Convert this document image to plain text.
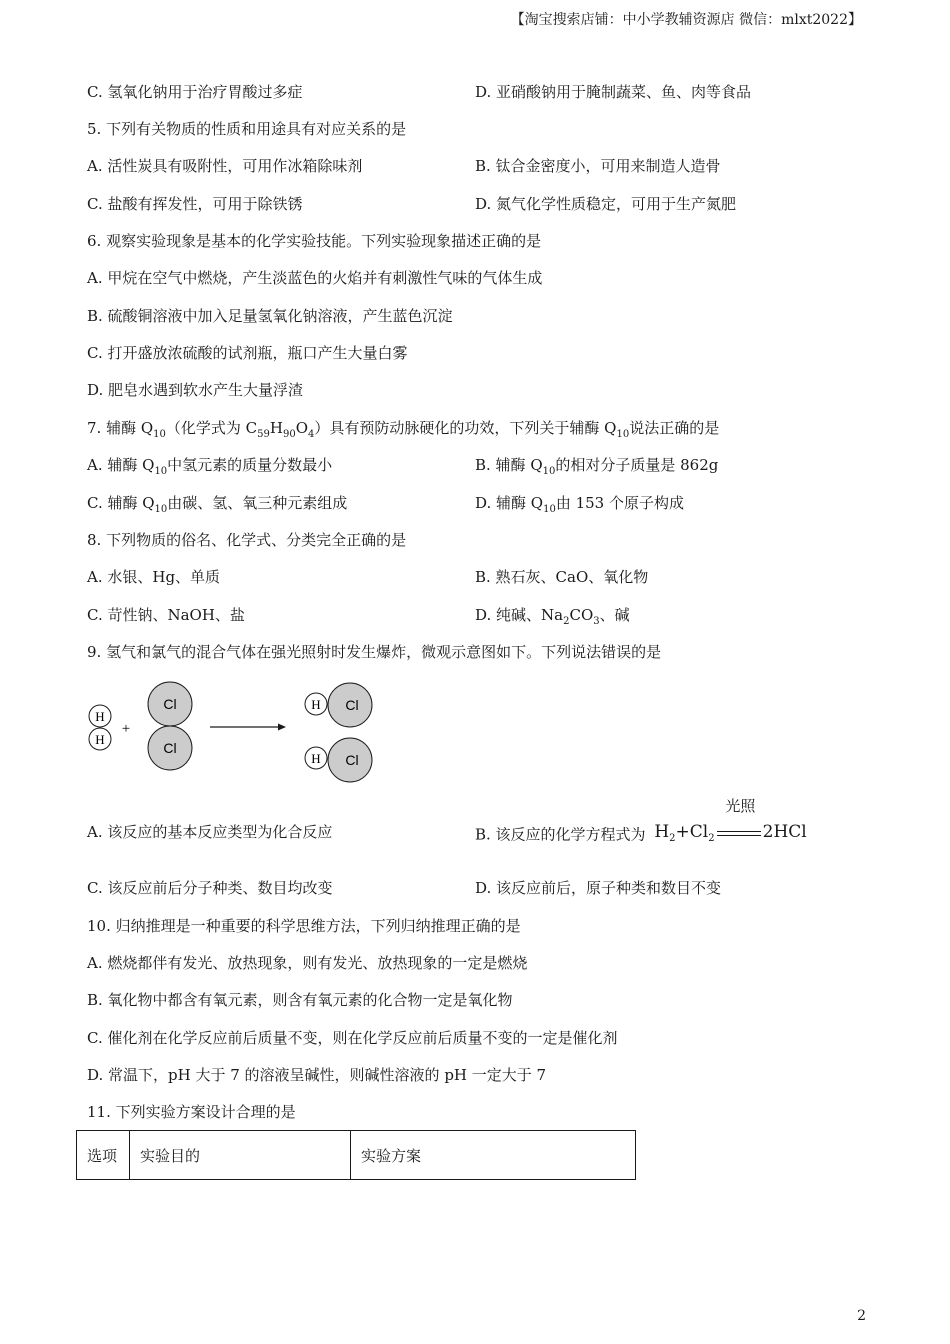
【淘宝搜索店铺：中小学教辅资源店 微信：mlxt2022】
C. 氢氧化钠用于治疗胃酸过多症	D. 亚硝酸钠用于腌制蔬菜、鱼、肉等食品
5. 下列有关物质的性质和用途具有对应关系的是
A. 活性炭具有吸附性，可用作冰箱除味剂	B. 钛合金密度小，可用来制造人造骨
C. 盐酸有挥发性，可用于除铁锈	D. 氮气化学性质稳定，可用于生产氮肥
6. 观察实验现象是基本的化学实验技能。下列实验现象描述正确的是
A. 甲烷在空气中燃烧，产生淡蓝色的火焰并有刺激性气味的气体生成
B. 硫酸铜溶液中加入足量氢氧化钠溶液，产生蓝色沉淀
C. 打开盛放浓硫酸的试剂瓶，瓶口产生大量白雾
D. 肥皂水遇到软水产生大量浮渣
7. 辅酶 $Q_{10}$（化学式为 $C_{59}H_{90}O_4$）具有预防动脉硬化的功效，下列关于辅酶 $Q_{10}$说法正确的是
A. 辅酶 $Q_{10}$中氢元素的质量分数最小	B. 辅酶 $Q_{10}$的相对分子质量是 862g
C. 辅酶 $Q_{10}$由碳、氢、氧三种元素组成	D. 辅酶 $Q_{10}$由 153 个原子构成
8. 下列物质的俗名、化学式、分类完全正确的是
A. 水银、Hg、单质	B. 熟石灰、CaO、氧化物
C. 苛性钠、NaOH、盐	D. 纯碱、$Na_2CO_3$、碱
9. 氢气和氯气的混合气体在强光照射时发生爆炸，微观示意图如下。下列说法错误的是
H
H
+
Cl
Cl
Cl
H
Cl
H
A. 该反应的基本反应类型为化合反应	B. 该反应的化学方程式为 $H_2+Cl_2$
光照
2HCl
C. 该反应前后分子种类、数目均改变	D. 该反应前后，原子种类和数目不变
10. 归纳推理是一种重要的科学思维方法，下列归纳推理正确的是
A. 燃烧都伴有发光、放热现象，则有发光、放热现象的一定是燃烧
B. 氧化物中都含有氧元素，则含有氧元素的化合物一定是氧化物
C. 催化剂在化学反应前后质量不变，则在化学反应前后质量不变的一定是催化剂
D. 常温下，pH 大于 7 的溶液呈碱性，则碱性溶液的 pH 一定大于 7
11. 下列实验方案设计合理的是
选项	实验目的	实验方案
2
